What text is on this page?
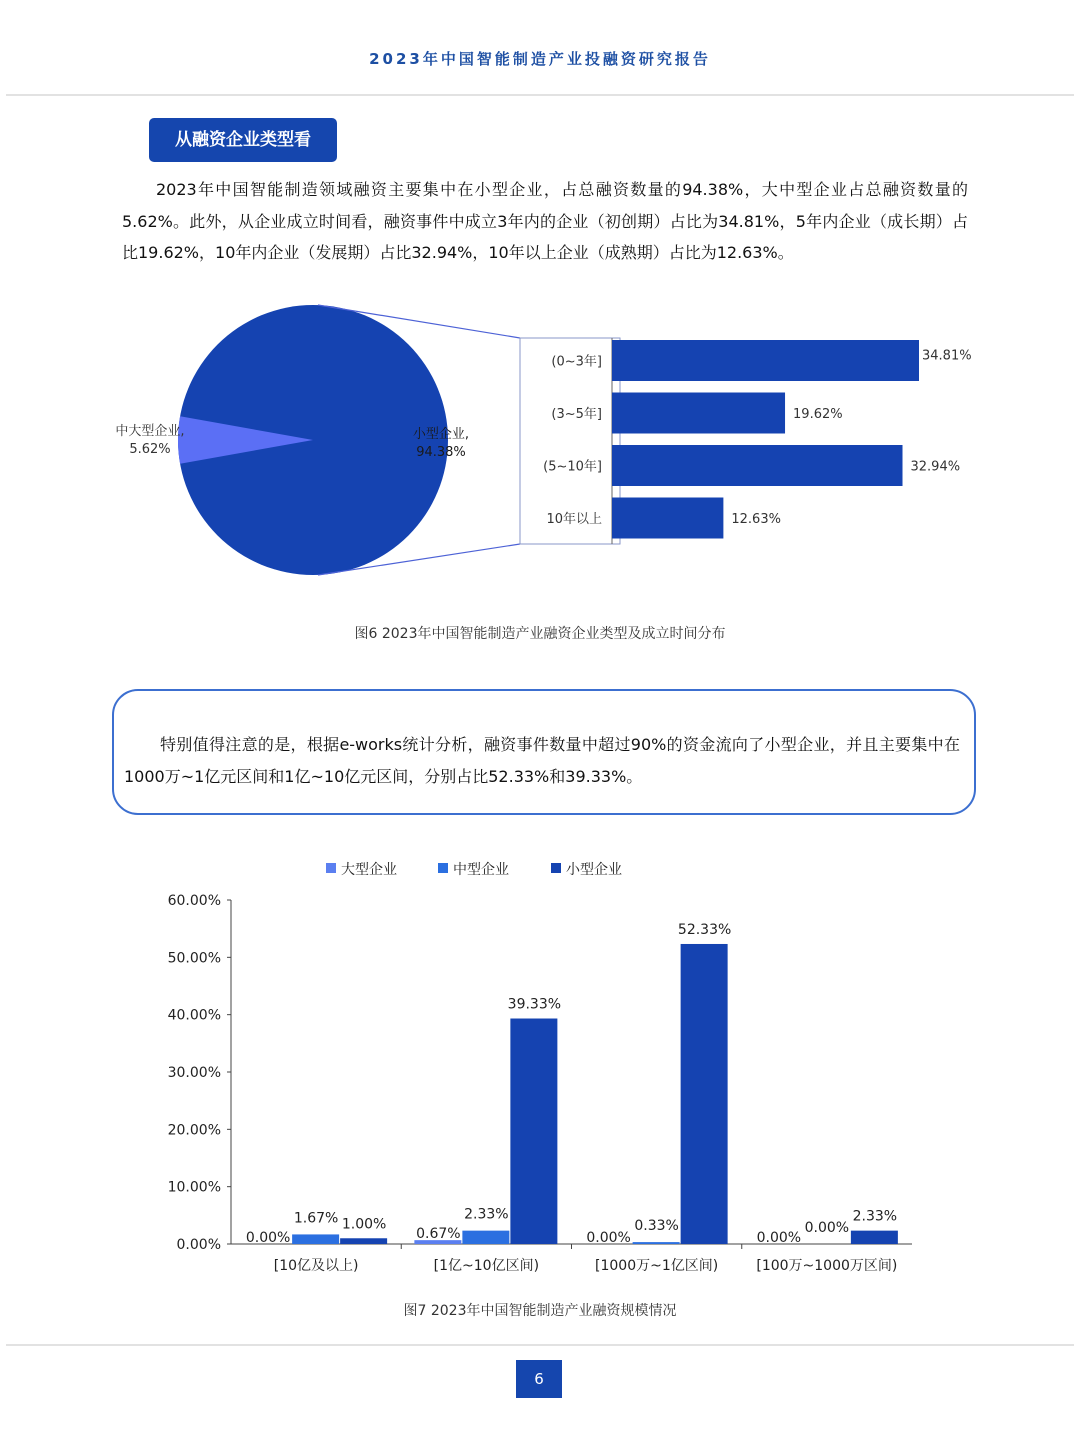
2023年中国智能制造产业投融资研究报告
从融资企业类型看
2023年中国智能制造领域融资主要集中在小型企业，占总融资数量的94.38%，大中型企业占总融资数量的5.62%。此外，从企业成立时间看，融资事件中成立3年内的企业（初创期）占比为34.81%，5年内企业（成长期）占比19.62%，10年内企业（发展期）占比32.94%，10年以上企业（成熟期）占比为12.63%。
小型企业,
94.38%
中大型企业,
5.62%
(0~3年]	34.81%
(3~5年]	19.62%
(5~10年]	32.94%
10年以上	12.63%
图6 2023年中国智能制造产业融资企业类型及成立时间分布
特别值得注意的是，根据e-works统计分析，融资事件数量中超过90%的资金流向了小型企业，并且主要集中在1000万~1亿元区间和1亿~10亿元区间，分别占比52.33%和39.33%。
大型企业	中型企业	小型企业
0.00%
10.00%
20.00%
30.00%
40.00%
50.00%
60.00%
[10亿及以上)	[1亿~10亿区间)	[1000万~1亿区间)	[100万~1000万区间)
0.00%
1.67% 1.00%
0.67%
2.33%
39.33%
0.00%
0.33%
52.33%
0.00%
0.00%
2.33%
图7 2023年中国智能制造产业融资规模情况
6
